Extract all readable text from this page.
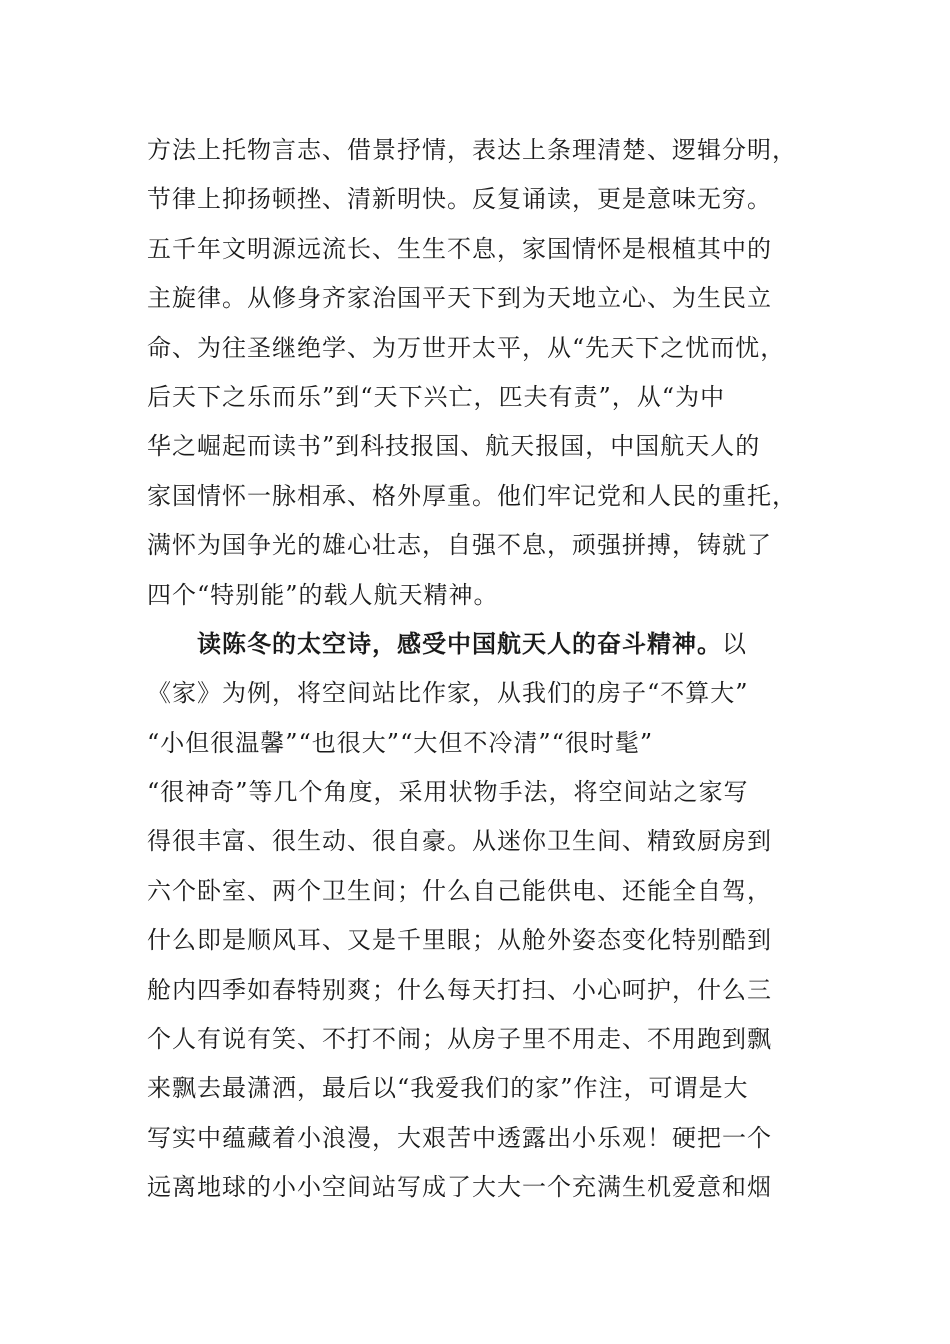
方法上托物言志、借景抒情，表达上条理清楚、逻辑分明，
节律上抑扬顿挫、清新明快。反复诵读，更是意味无穷。
五千年文明源远流长、生生不息，家国情怀是根植其中的
主旋律。从修身齐家治国平天下到为天地立心、为生民立
命、为往圣继绝学、为万世开太平，从“先天下之忧而忧，
后天下之乐而乐”到“天下兴亡，匹夫有责”，从“为中
华之崛起而读书”到科技报国、航天报国，中国航天人的
家国情怀一脉相承、格外厚重。他们牢记党和人民的重托，
满怀为国争光的雄心壮志，自强不息，顽强拼搏，铸就了
四个“特别能”的载人航天精神。
读陈冬的太空诗，感受中国航天人的奋斗精神。以
《家》为例，将空间站比作家，从我们的房子“不算大”
“小但很温馨”“也很大”“大但不冷清”“很时髦”
“很神奇”等几个角度，采用状物手法，将空间站之家写
得很丰富、很生动、很自豪。从迷你卫生间、精致厨房到
六个卧室、两个卫生间；什么自己能供电、还能全自驾，
什么即是顺风耳、又是千里眼；从舱外姿态变化特别酷到
舱内四季如春特别爽；什么每天打扫、小心呵护，什么三
个人有说有笑、不打不闹；从房子里不用走、不用跑到飘
来飘去最潇洒，最后以“我爱我们的家”作注，可谓是大
写实中蕴藏着小浪漫，大艰苦中透露出小乐观！硬把一个
远离地球的小小空间站写成了大大一个充满生机爱意和烟
